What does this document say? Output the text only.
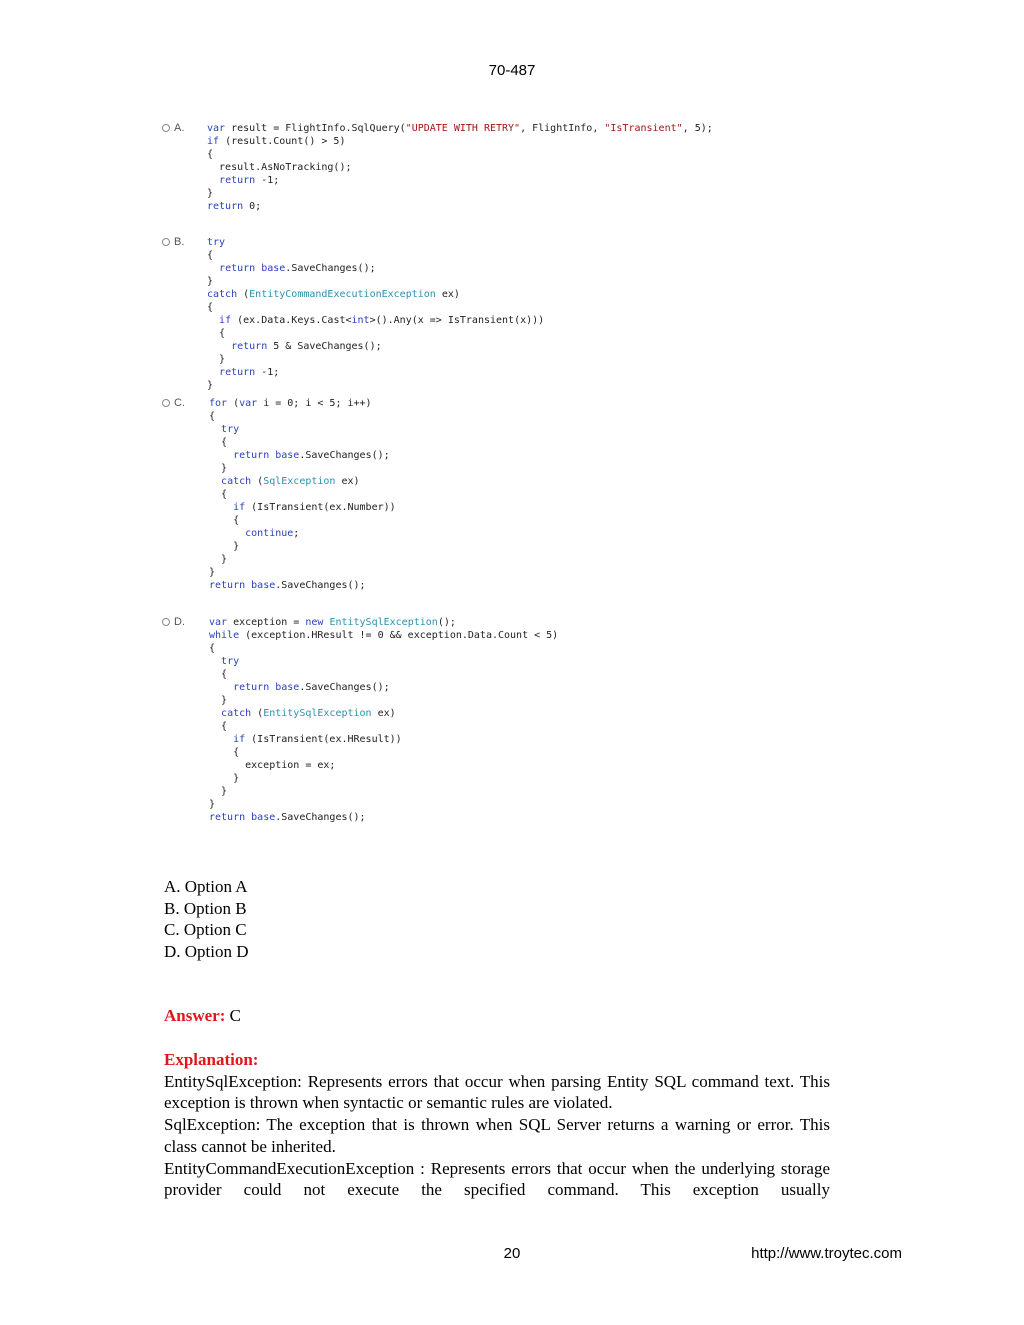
70-487
A. var result = FlightInfo.SqlQuery("UPDATE WITH RETRY", FlightInfo, "IsTransient", 5);
if (result.Count() > 5)
{
result.AsNoTracking();
return -1;
}
return 0;
B. try
{
return base.SaveChanges();
}
catch (EntityCommandExecutionException ex)
{
if (ex.Data.Keys.Cast<int>().Any(x => IsTransient(x)))
{
return 5 & SaveChanges();
}
return -1;
}
C. for (var i = 0; i < 5; i++)
{
try
{
return base.SaveChanges();
}
catch (SqlException ex)
{
if (IsTransient(ex.Number))
{
continue;
}
}
}
return base.SaveChanges();
D. var exception = new EntitySqlException();
while (exception.HResult != 0 && exception.Data.Count < 5)
{
try
{
return base.SaveChanges();
}
catch (EntitySqlException ex)
{
if (IsTransient(ex.HResult))
{
exception = ex;
}
}
}
return base.SaveChanges();
A. Option A
B. Option B
C. Option C
D. Option D
Answer: C
Explanation:

EntitySqlException: Represents errors that occur when parsing Entity SQL command text. This exception is thrown when syntactic or semantic rules are violated.

SqlException: The exception that is thrown when SQL Server returns a warning or error. This class cannot be inherited.

EntityCommandExecutionException : Represents errors that occur when the underlying storage provider could not execute the specified command. This exception usually

20	http://www.troytec.com
